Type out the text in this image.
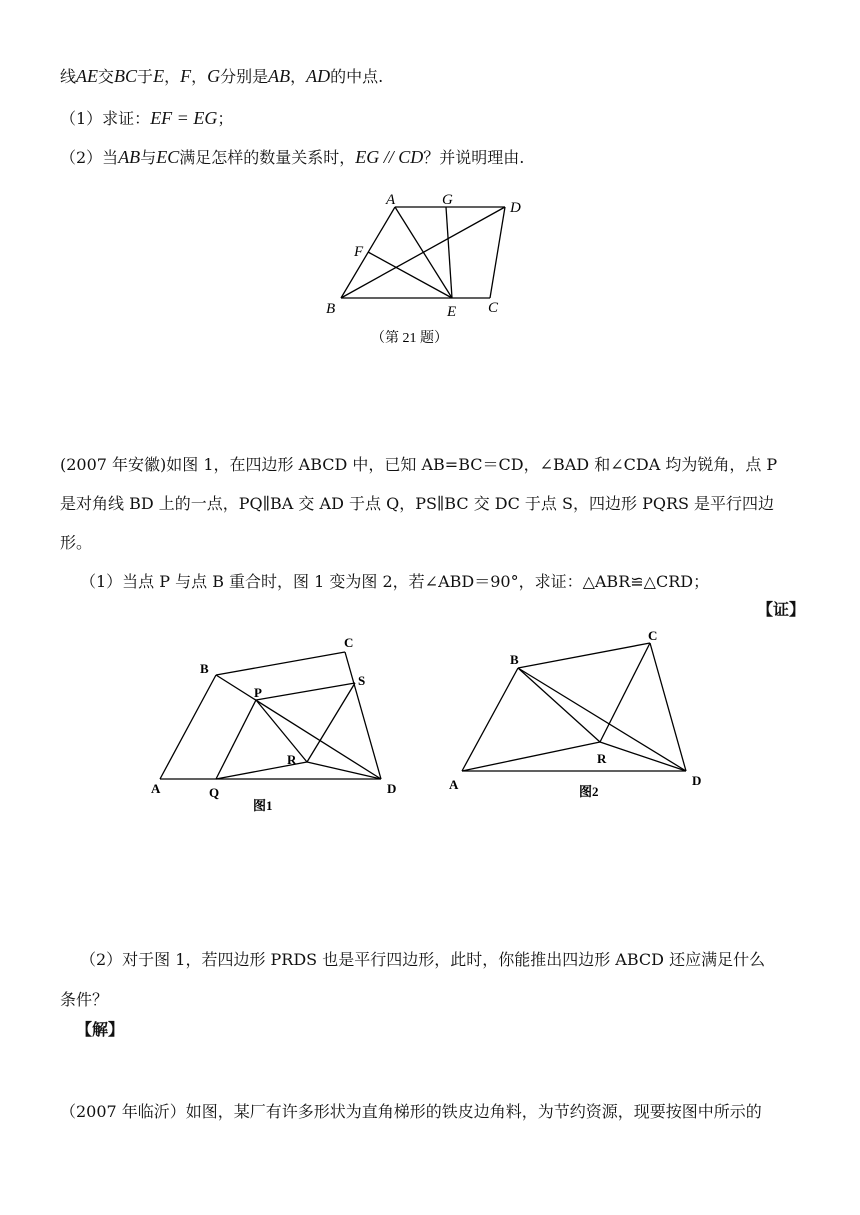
线AE交BC于E，F，G分别是AB，AD的中点.
（1）求证：EF = EG；
（2）当AB与EC满足怎样的数量关系时，EG // CD？并说明理由.
A	G	D
F
B	E C
（第 21 题）
(2007 年安徽)如图 1，在四边形 ABCD 中，已知 AB=BC＝CD，∠BAD 和∠CDA 均为锐角，点 P
是对角线 BD 上的一点，PQ∥BA 交 AD 于点 Q，PS∥BC 交 DC 于点 S，四边形 PQRS 是平行四边
形。
（1）当点 P 与点 B 重合时，图 1 变为图 2，若∠ABD＝90°，求证：△ABR≌△CRD；
【证】
B
C
P
S
R
A	Q	D
图1
B
C
R
A	D
图2
（2）对于图 1，若四边形 PRDS 也是平行四边形，此时，你能推出四边形 ABCD 还应满足什么
条件？
【解】
（2007 年临沂）如图，某厂有许多形状为直角梯形的铁皮边角料，为节约资源，现要按图中所示的
